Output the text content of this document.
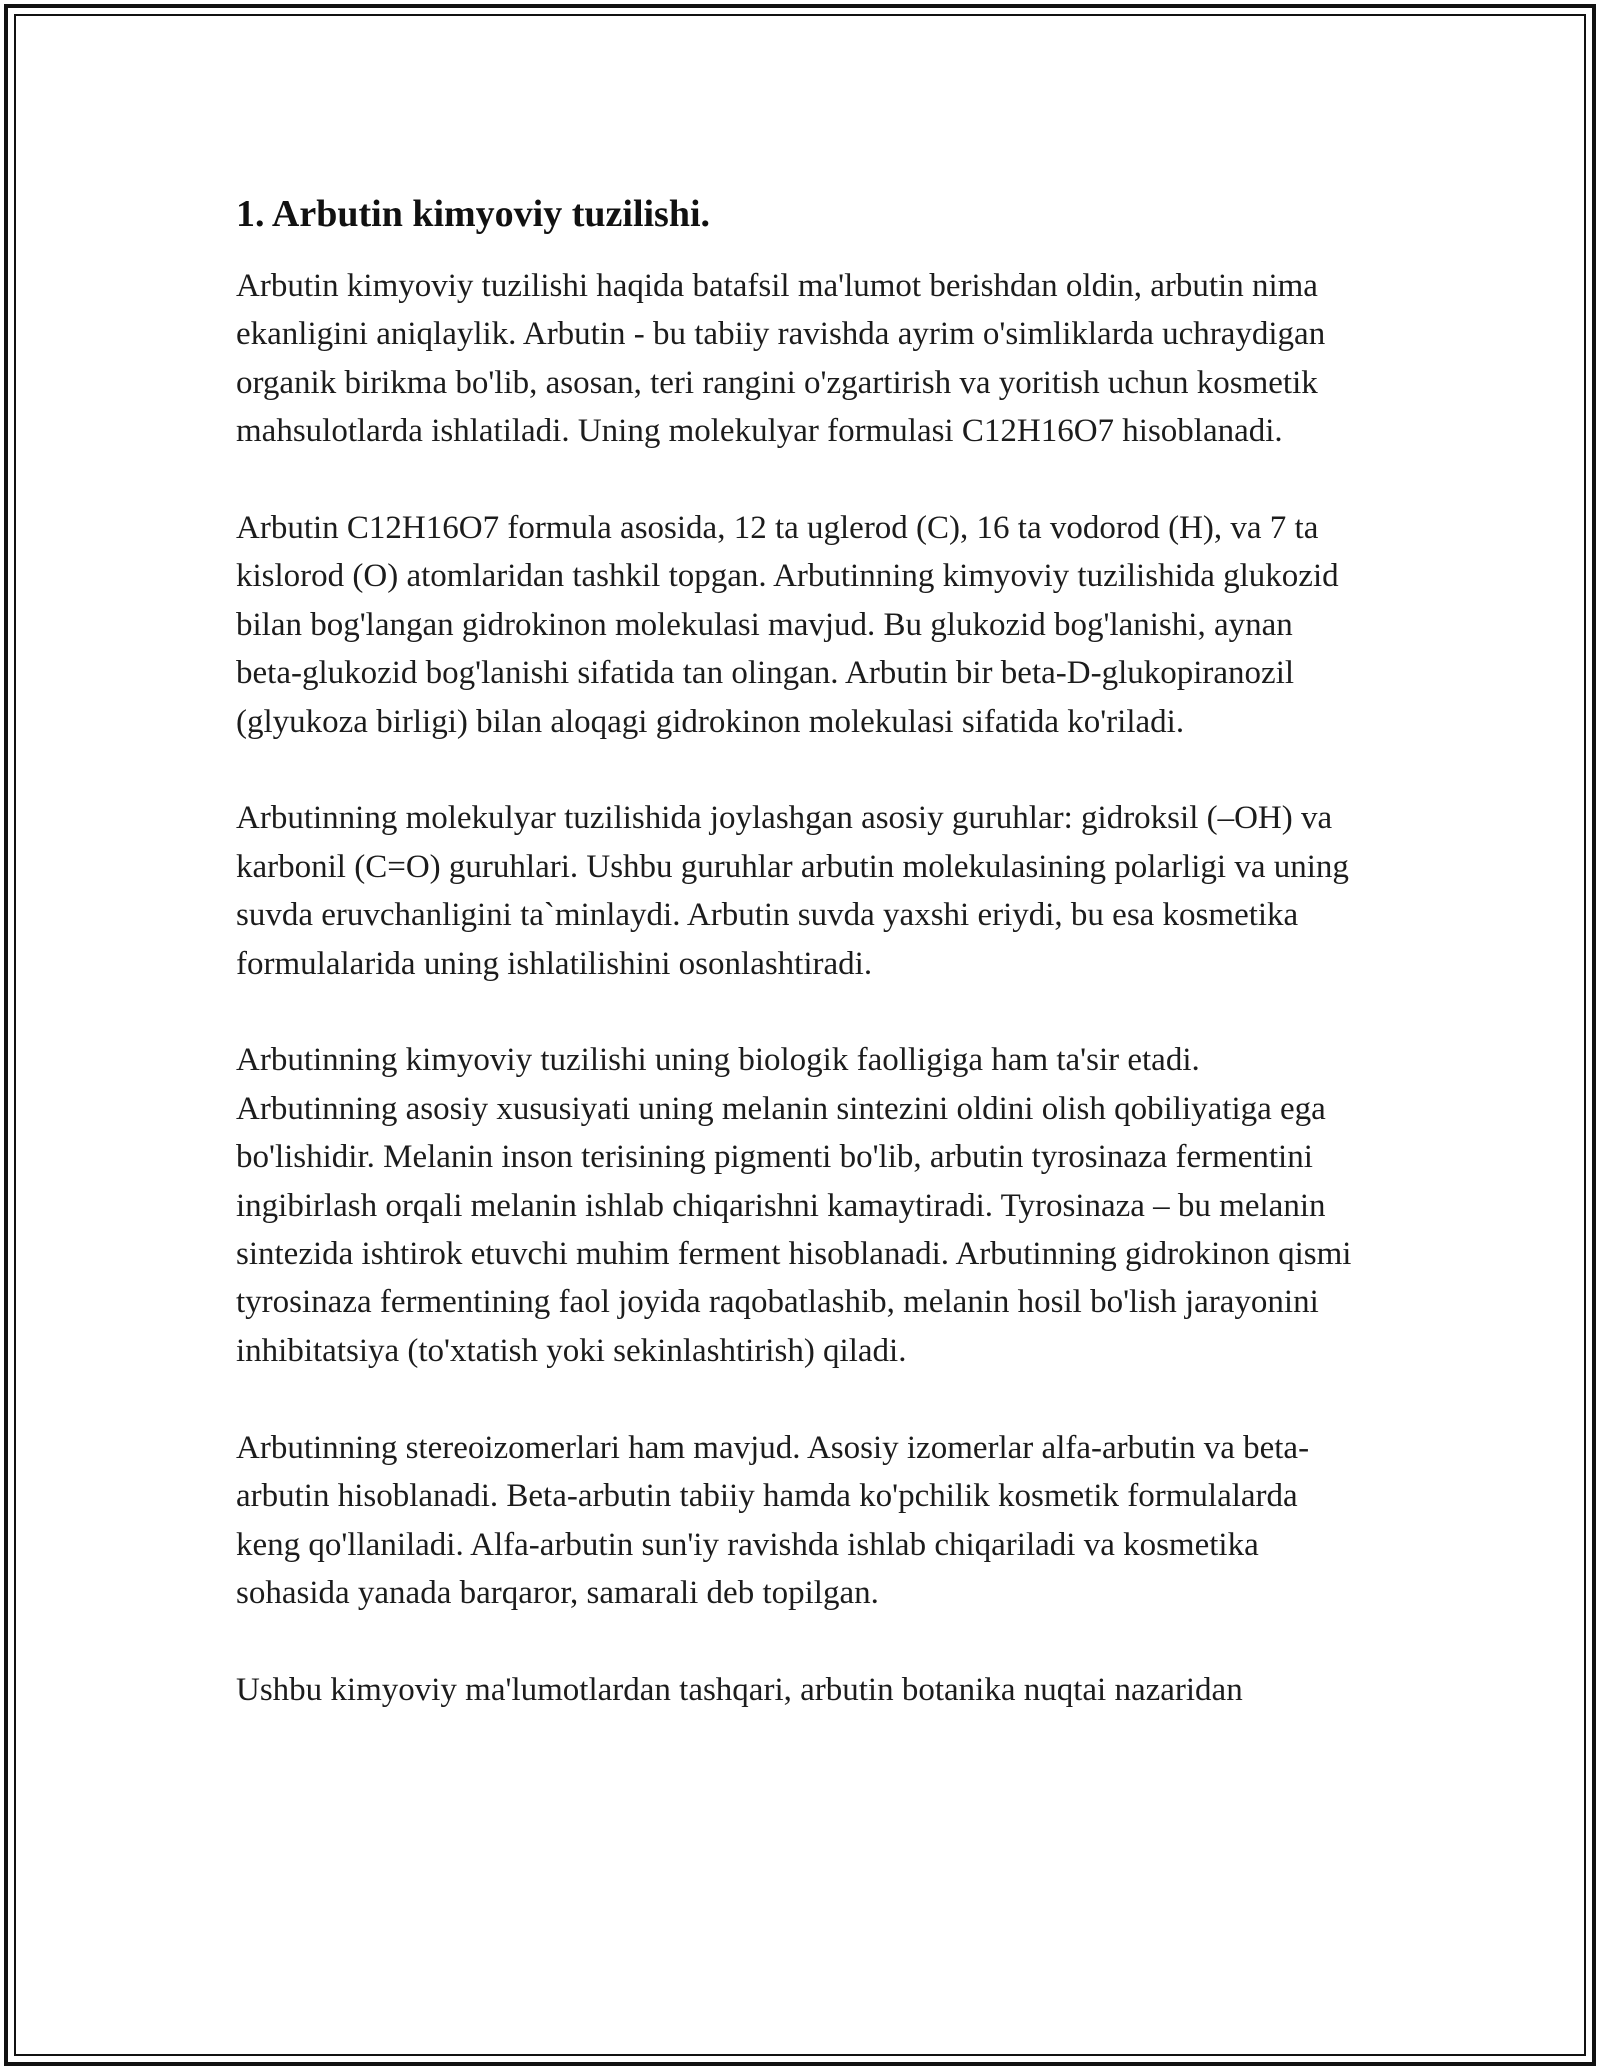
1. Arbutin kimyoviy tuzilishi.

Arbutin kimyoviy tuzilishi haqida batafsil ma'lumot berishdan oldin, arbutin nima ekanligini aniqlaylik. Arbutin - bu tabiiy ravishda ayrim o'simliklarda uchraydigan organik birikma bo'lib, asosan, teri rangini o'zgartirish va yoritish uchun kosmetik mahsulotlarda ishlatiladi. Uning molekulyar formulasi C12H16O7 hisoblanadi.

Arbutin C12H16O7 formula asosida, 12 ta uglerod (C), 16 ta vodorod (H), va 7 ta kislorod (O) atomlaridan tashkil topgan. Arbutinning kimyoviy tuzilishida glukozid bilan bog'langan gidrokinon molekulasi mavjud. Bu glukozid bog'lanishi, aynan beta-glukozid bog'lanishi sifatida tan olingan. Arbutin bir beta-D-glukopiranozil (glyukoza birligi) bilan aloqagi gidrokinon molekulasi sifatida ko'riladi.

Arbutinning molekulyar tuzilishida joylashgan asosiy guruhlar: gidroksil (–OH) va karbonil (C=O) guruhlari. Ushbu guruhlar arbutin molekulasining polarligi va uning suvda eruvchanligini ta`minlaydi. Arbutin suvda yaxshi eriydi, bu esa kosmetika formulalarida uning ishlatilishini osonlashtiradi.

Arbutinning kimyoviy tuzilishi uning biologik faolligiga ham ta'sir etadi. Arbutinning asosiy xususiyati uning melanin sintezini oldini olish qobiliyatiga ega bo'lishidir. Melanin inson terisining pigmenti bo'lib, arbutin tyrosinaza fermentini ingibirlash orqali melanin ishlab chiqarishni kamaytiradi. Tyrosinaza – bu melanin sintezida ishtirok etuvchi muhim ferment hisoblanadi. Arbutinning gidrokinon qismi tyrosinaza fermentining faol joyida raqobatlashib, melanin hosil bo'lish jarayonini inhibitatsiya (to'xtatish yoki sekinlashtirish) qiladi.

Arbutinning stereoizomerlari ham mavjud. Asosiy izomerlar alfa-arbutin va beta-arbutin hisoblanadi. Beta-arbutin tabiiy hamda ko'pchilik kosmetik formulalarda keng qo'llaniladi. Alfa-arbutin sun'iy ravishda ishlab chiqariladi va kosmetika sohasida yanada barqaror, samarali deb topilgan.

Ushbu kimyoviy ma'lumotlardan tashqari, arbutin botanika nuqtai nazaridan
